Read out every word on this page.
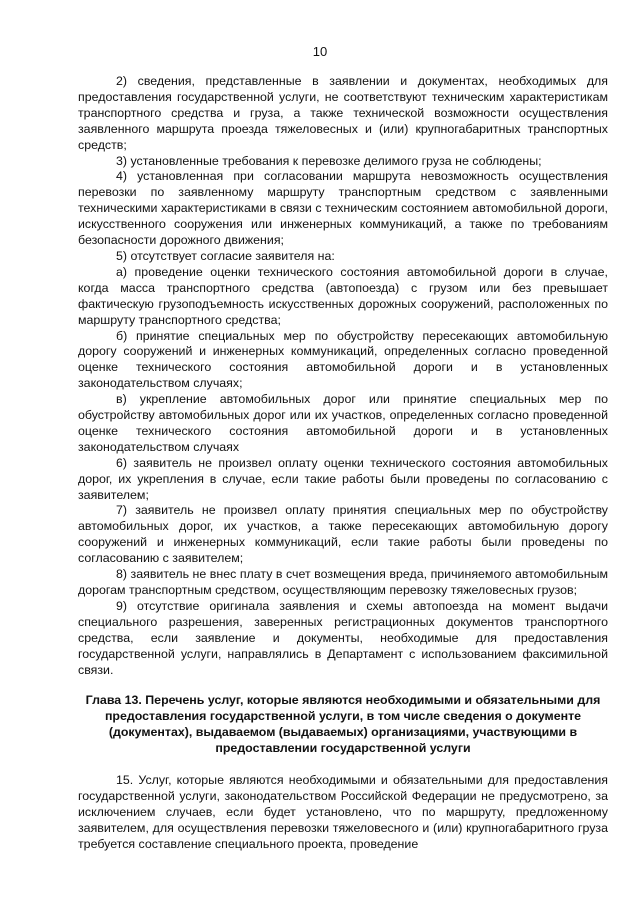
10

2) сведения, представленные в заявлении и документах, необходимых для предоставления государственной услуги, не соответствуют техническим характеристикам транспортного средства и груза, а также технической возможности осуществления заявленного маршрута проезда тяжеловесных и (или) крупногабаритных транспортных средств;

3) установленные требования к перевозке делимого груза не соблюдены;

4) установленная при согласовании маршрута невозможность осуществления перевозки по заявленному маршруту транспортным средством с заявленными техническими характеристиками в связи с техническим состоянием автомобильной дороги, искусственного сооружения или инженерных коммуникаций, а также по требованиям безопасности дорожного движения;

5) отсутствует согласие заявителя на:

а) проведение оценки технического состояния автомобильной дороги в случае, когда масса транспортного средства (автопоезда) с грузом или без превышает фактическую грузоподъемность искусственных дорожных сооружений, расположенных по маршруту транспортного средства;

б) принятие специальных мер по обустройству пересекающих автомобильную дорогу сооружений и инженерных коммуникаций, определенных согласно проведенной оценке технического состояния автомобильной дороги и в установленных законодательством случаях;

в) укрепление автомобильных дорог или принятие специальных мер по обустройству автомобильных дорог или их участков, определенных согласно проведенной оценке технического состояния автомобильной дороги и в установленных законодательством случаях

6) заявитель не произвел оплату оценки технического состояния автомобильных дорог, их укрепления в случае, если такие работы были проведены по согласованию с заявителем;

7) заявитель не произвел оплату принятия специальных мер по обустройству автомобильных дорог, их участков, а также пересекающих автомобильную дорогу сооружений и инженерных коммуникаций, если такие работы были проведены по согласованию с заявителем;

8) заявитель не внес плату в счет возмещения вреда, причиняемого автомобильным дорогам транспортным средством, осуществляющим перевозку тяжеловесных грузов;

9) отсутствие оригинала заявления и схемы автопоезда на момент выдачи специального разрешения, заверенных регистрационных документов транспортного средства, если заявление и документы, необходимые для предоставления государственной услуги, направлялись в Департамент с использованием факсимильной связи.

Глава 13. Перечень услуг, которые являются необходимыми и обязательными для предоставления государственной услуги, в том числе сведения о документе (документах), выдаваемом (выдаваемых) организациями, участвующими в предоставлении государственной услуги

15. Услуг, которые являются необходимыми и обязательными для предоставления государственной услуги, законодательством Российской Федерации не предусмотрено, за исключением случаев, если будет установлено, что по маршруту, предложенному заявителем, для осуществления перевозки тяжеловесного и (или) крупногабаритного груза требуется составление специального проекта, проведение
